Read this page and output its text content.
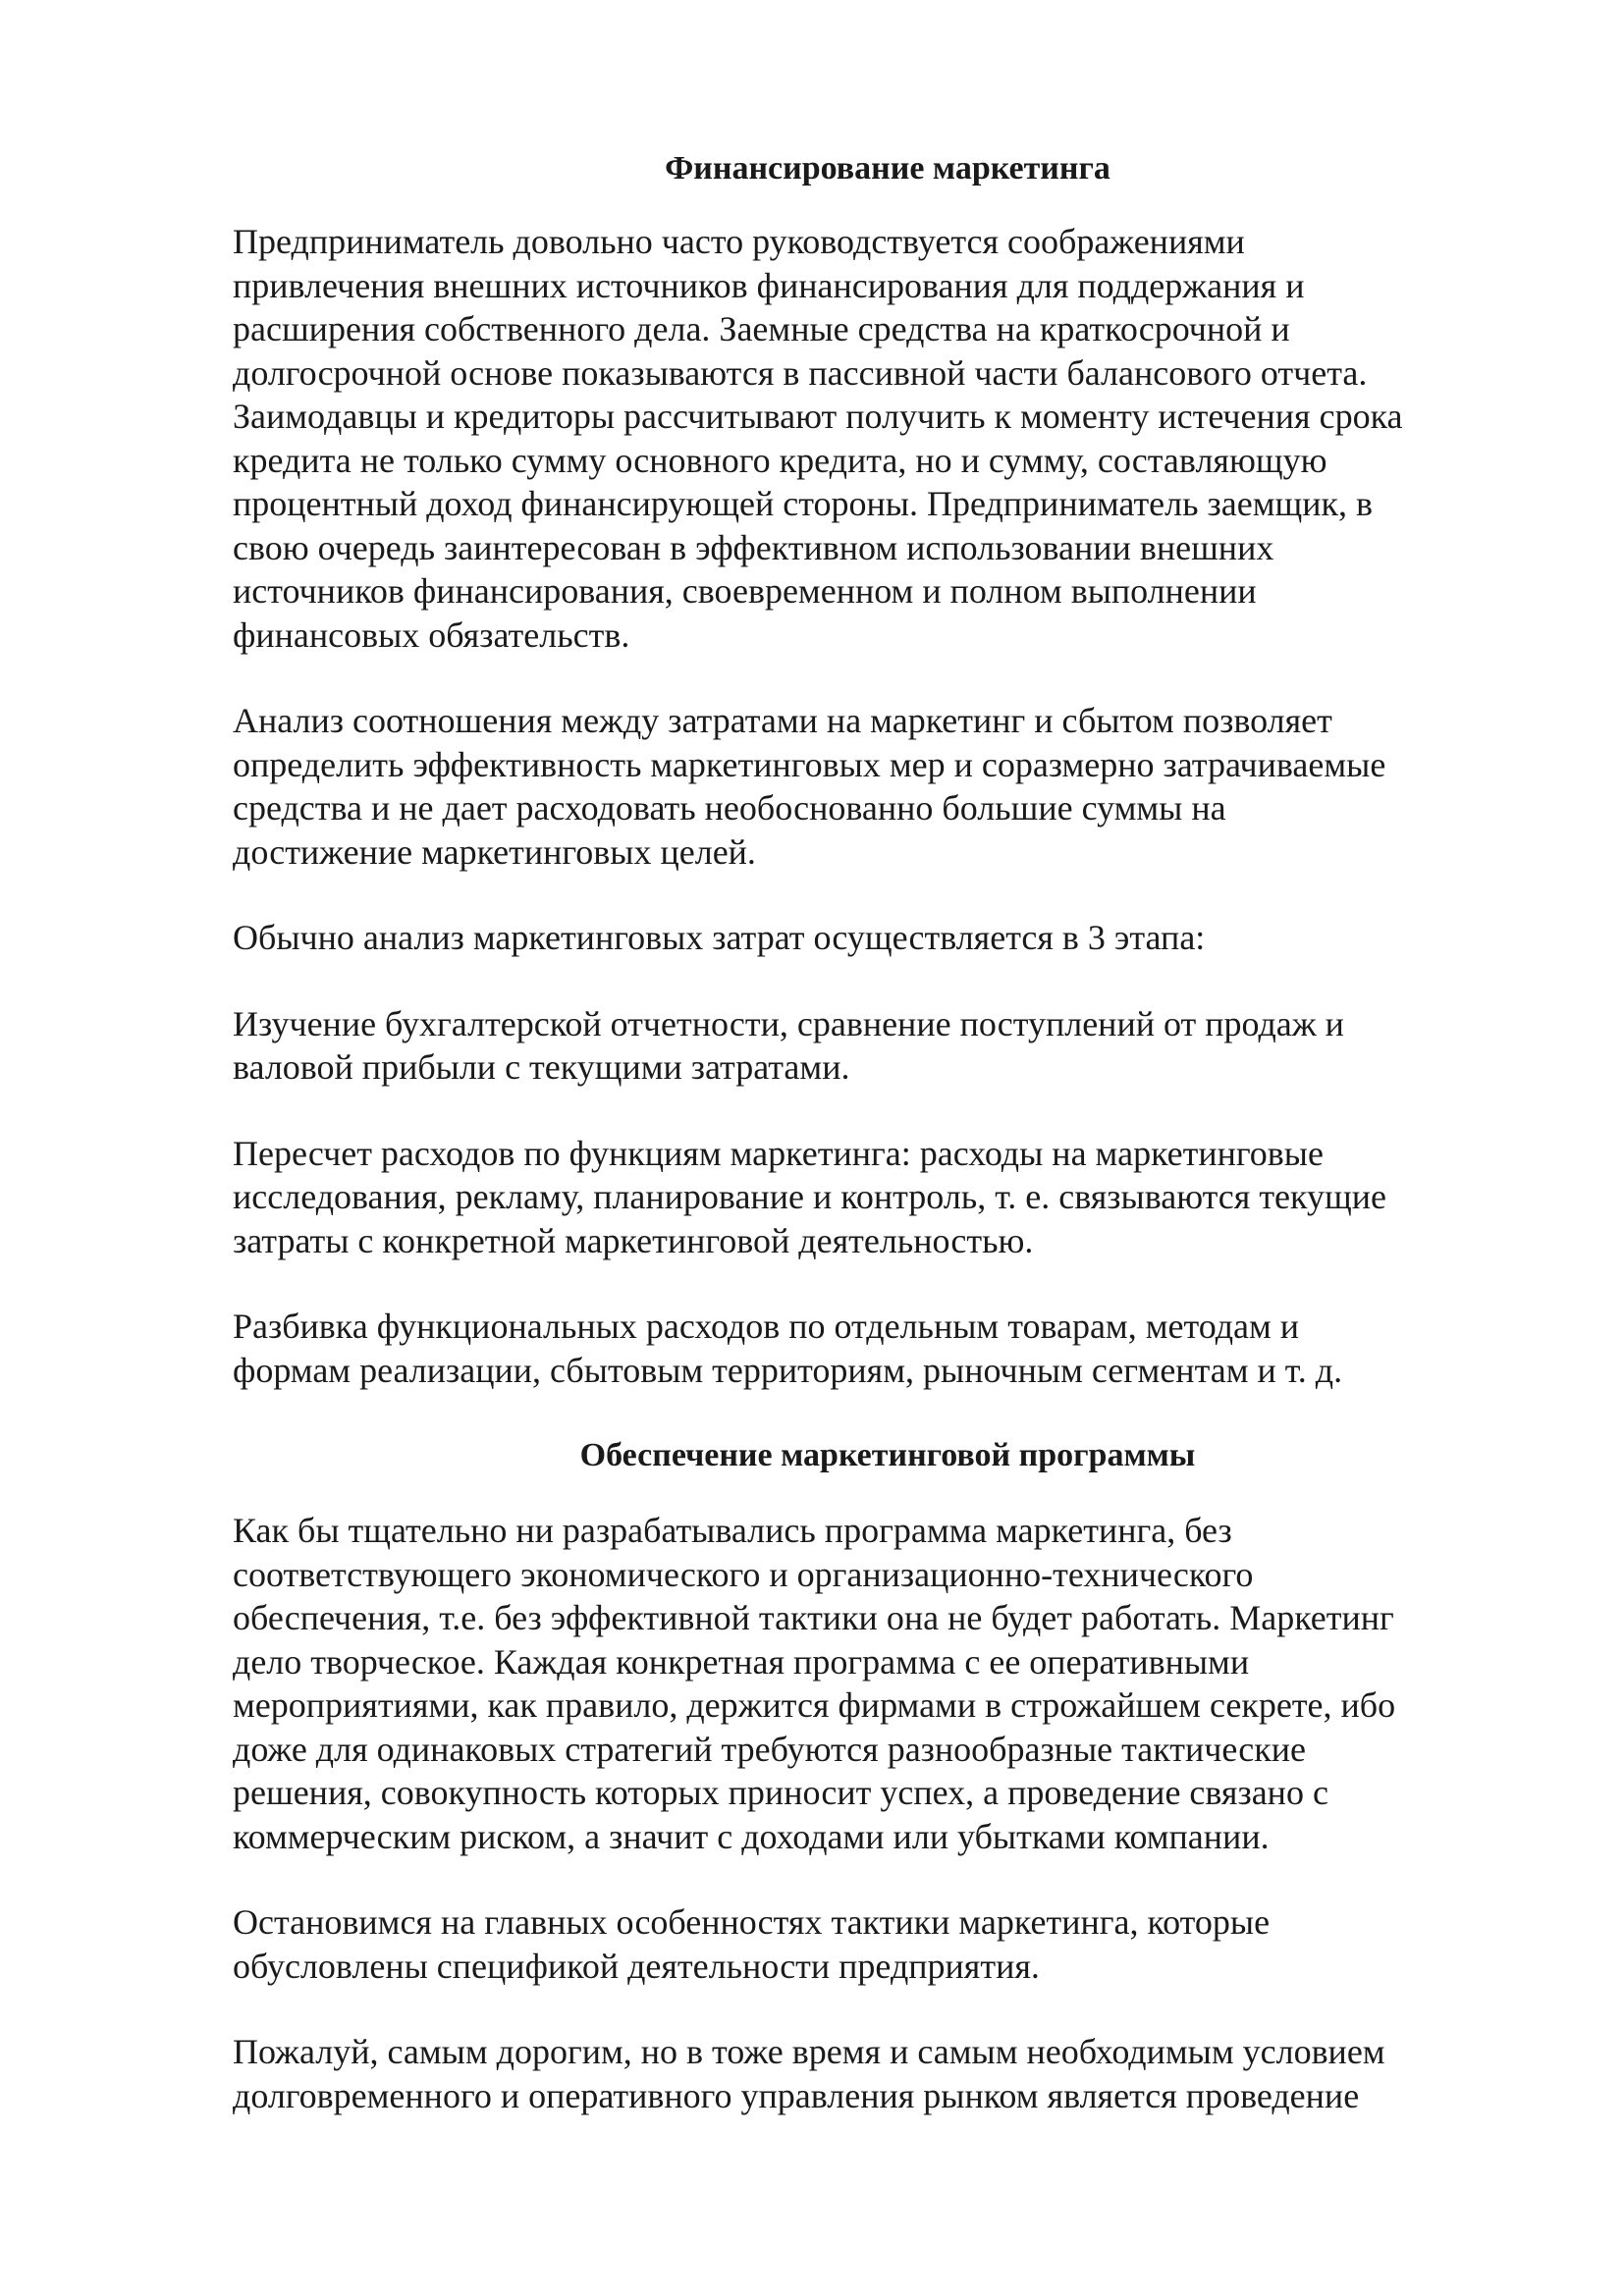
Финансирование маркетинга

Предприниматель довольно часто руководствуется соображениями
привлечения внешних источников финансирования для поддержания и
расширения собственного дела. Заемные средства на краткосрочной и
долгосрочной основе показываются в пассивной части балансового отчета.
Заимодавцы и кредиторы рассчитывают получить к моменту истечения срока
кредита не только сумму основного кредита, но и сумму, составляющую
процентный доход финансирующей стороны. Предприниматель заемщик, в
свою очередь заинтересован в эффективном использовании внешних
источников финансирования, своевременном и полном выполнении
финансовых обязательств.

Анализ соотношения между затратами на маркетинг и сбытом позволяет
определить эффективность маркетинговых мер и соразмерно затрачиваемые
средства и не дает расходовать необоснованно большие суммы на
достижение маркетинговых целей.

Обычно анализ маркетинговых затрат осуществляется в 3 этапа:

Изучение бухгалтерской отчетности, сравнение поступлений от продаж и
валовой прибыли с текущими затратами.

Пересчет расходов по функциям маркетинга: расходы на маркетинговые
исследования, рекламу, планирование и контроль, т. е. связываются текущие
затраты с конкретной маркетинговой деятельностью.

Разбивка функциональных расходов по отдельным товарам, методам и
формам реализации, сбытовым территориям, рыночным сегментам и т. д.

Обеспечение маркетинговой программы

Как бы тщательно ни разрабатывались программа маркетинга, без
соответствующего экономического и организационно-технического
обеспечения, т.е. без эффективной тактики она не будет работать. Маркетинг
дело творческое. Каждая конкретная программа с ее оперативными
мероприятиями, как правило, держится фирмами в строжайшем секрете, ибо
доже для одинаковых стратегий требуются разнообразные тактические
решения, совокупность которых приносит успех, а проведение связано с
коммерческим риском, а значит с доходами или убытками компании.

Остановимся на главных особенностях тактики маркетинга, которые
обусловлены спецификой деятельности предприятия.

Пожалуй, самым дорогим, но в тоже время и самым необходимым условием
долговременного и оперативного управления рынком является проведение
